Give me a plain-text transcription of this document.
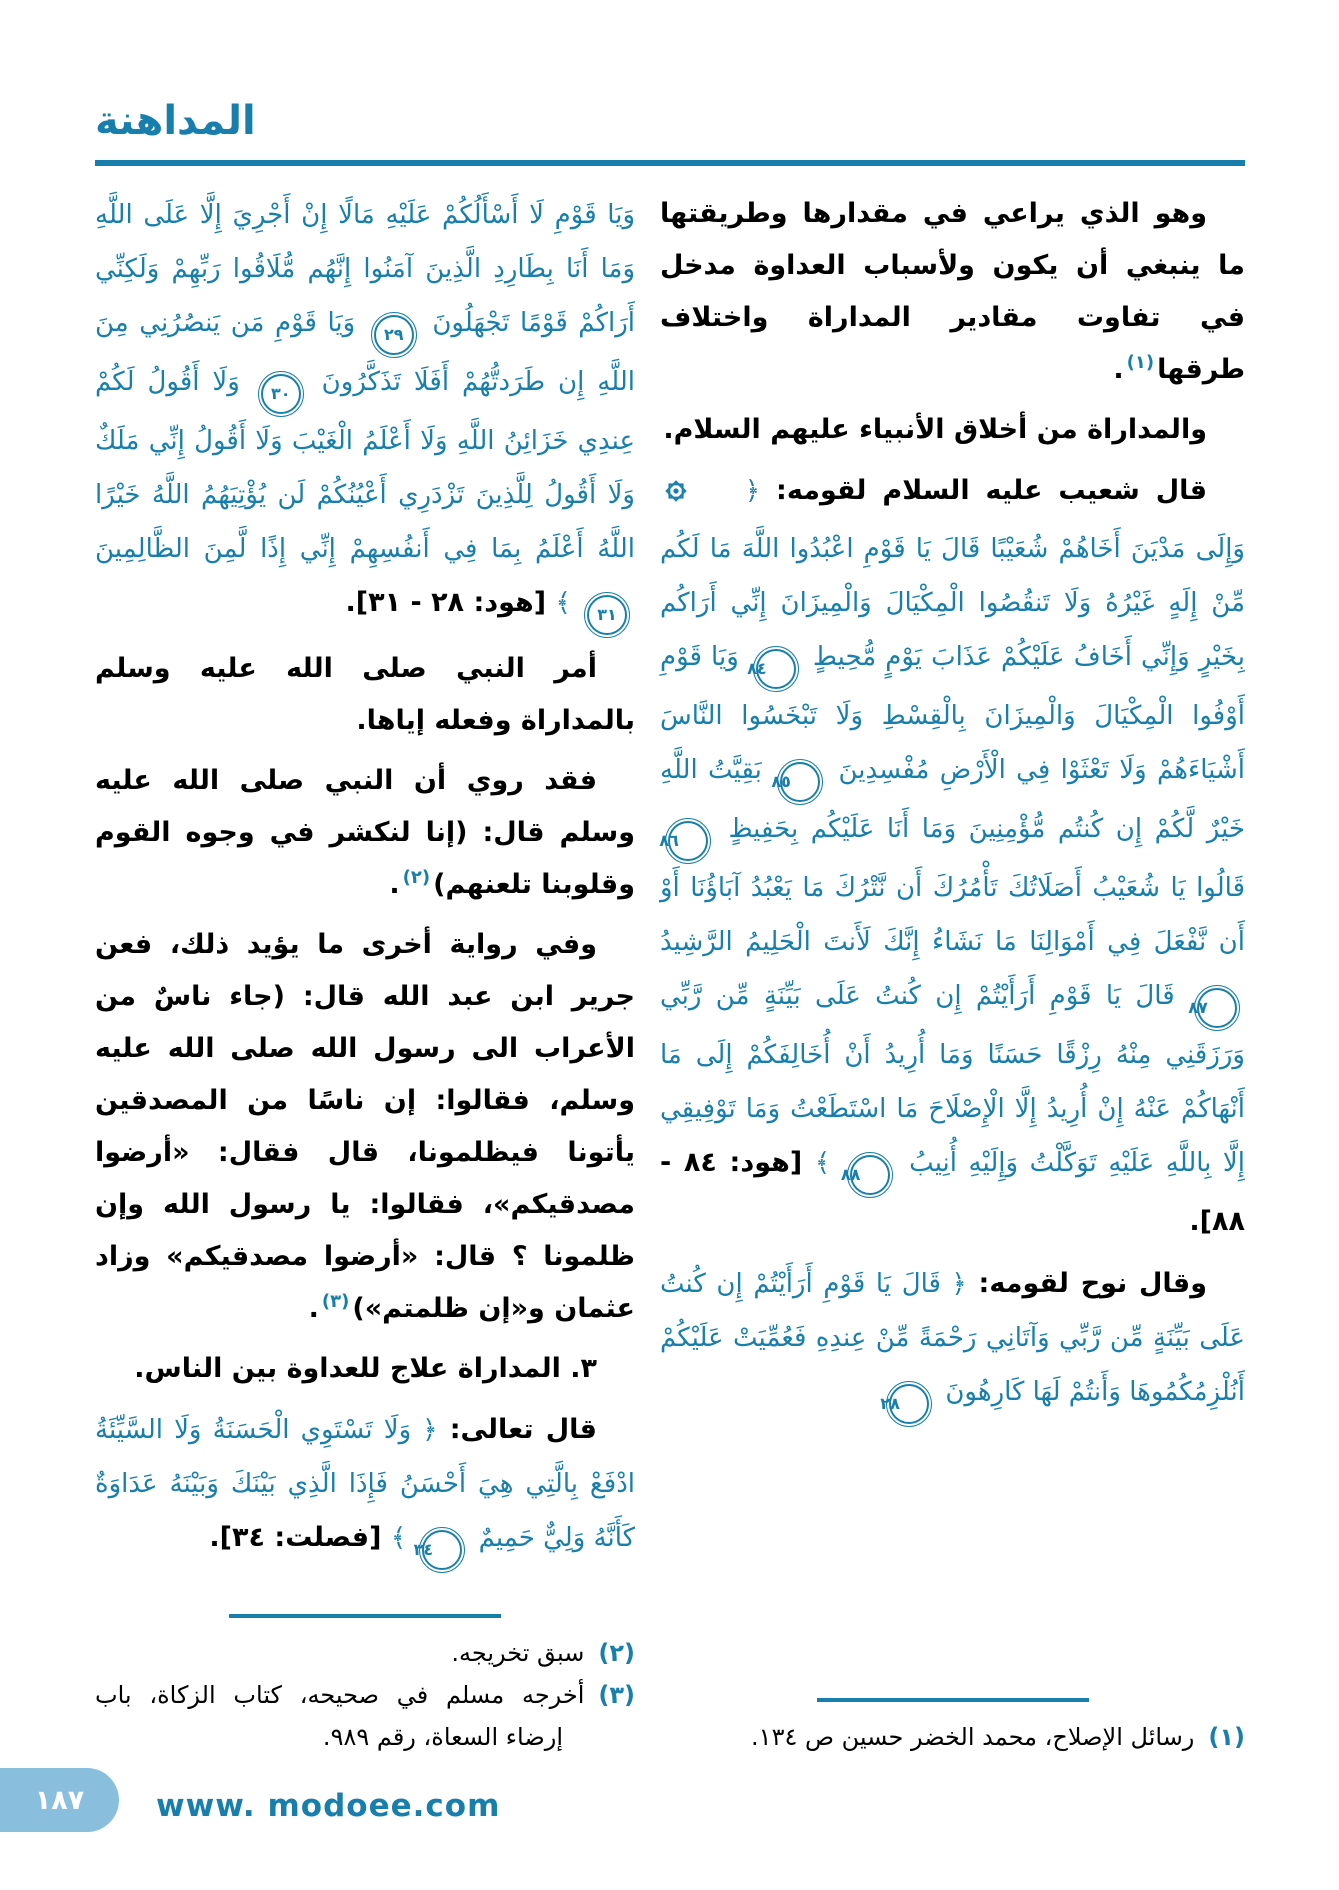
المداهنة

وهو الذي يراعي في مقدارها وطريقتها ما ينبغي أن يكون ولأسباب العداوة مدخل في تفاوت مقادير المداراة واختلاف طرقها$^{(١)}$.

والمداراة من أخلاق الأنبياء عليهم السلام.

قال شعيب عليه السلام لقومه: ﴿  وَإِلَى مَدْيَنَ أَخَاهُمْ شُعَيْبًا قَالَ يَا قَوْمِ اعْبُدُوا اللَّهَ مَا لَكُم مِّنْ إِلَهٍ غَيْرُهُ وَلَا تَنقُصُوا الْمِكْيَالَ وَالْمِيزَانَ إِنِّي أَرَاكُم بِخَيْرٍ وَإِنِّي أَخَافُ عَلَيْكُمْ عَذَابَ يَوْمٍ مُّحِيطٍ ٨٤ وَيَا قَوْمِ أَوْفُوا الْمِكْيَالَ وَالْمِيزَانَ بِالْقِسْطِ وَلَا تَبْخَسُوا النَّاسَ أَشْيَاءَهُمْ وَلَا تَعْثَوْا فِي الْأَرْضِ مُفْسِدِينَ ٨٥ بَقِيَّتُ اللَّهِ خَيْرٌ لَّكُمْ إِن كُنتُم مُّؤْمِنِينَ وَمَا أَنَا عَلَيْكُم بِحَفِيظٍ ٨٦ قَالُوا يَا شُعَيْبُ أَصَلَاتُكَ تَأْمُرُكَ أَن نَّتْرُكَ مَا يَعْبُدُ آبَاؤُنَا أَوْ أَن نَّفْعَلَ فِي أَمْوَالِنَا مَا نَشَاءُ إِنَّكَ لَأَنتَ الْحَلِيمُ الرَّشِيدُ ٨٧ قَالَ يَا قَوْمِ أَرَأَيْتُمْ إِن كُنتُ عَلَى بَيِّنَةٍ مِّن رَّبِّي وَرَزَقَنِي مِنْهُ رِزْقًا حَسَنًا وَمَا أُرِيدُ أَنْ أُخَالِفَكُمْ إِلَى مَا أَنْهَاكُمْ عَنْهُ إِنْ أُرِيدُ إِلَّا الْإِصْلَاحَ مَا اسْتَطَعْتُ وَمَا تَوْفِيقِي إِلَّا بِاللَّهِ عَلَيْهِ تَوَكَّلْتُ وَإِلَيْهِ أُنِيبُ ٨٨ ﴾ [هود: ٨٤ - ٨٨].

وقال نوح لقومه: ﴿ قَالَ يَا قَوْمِ أَرَأَيْتُمْ إِن كُنتُ عَلَى بَيِّنَةٍ مِّن رَّبِّي وَآتَانِي رَحْمَةً مِّنْ عِندِهِ فَعُمِّيَتْ عَلَيْكُمْ أَنُلْزِمُكُمُوهَا وَأَنتُمْ لَهَا كَارِهُونَ ٢٨

(١)رسائل الإصلاح، محمد الخضر حسين ص ١٣٤.

وَيَا قَوْمِ لَا أَسْأَلُكُمْ عَلَيْهِ مَالًا إِنْ أَجْرِيَ إِلَّا عَلَى اللَّهِ وَمَا أَنَا بِطَارِدِ الَّذِينَ آمَنُوا إِنَّهُم مُّلَاقُوا رَبِّهِمْ وَلَكِنِّي أَرَاكُمْ قَوْمًا تَجْهَلُونَ ٢٩ وَيَا قَوْمِ مَن يَنصُرُنِي مِنَ اللَّهِ إِن طَرَدتُّهُمْ أَفَلَا تَذَكَّرُونَ ٣٠ وَلَا أَقُولُ لَكُمْ عِندِي خَزَائِنُ اللَّهِ وَلَا أَعْلَمُ الْغَيْبَ وَلَا أَقُولُ إِنِّي مَلَكٌ وَلَا أَقُولُ لِلَّذِينَ تَزْدَرِي أَعْيُنُكُمْ لَن يُؤْتِيَهُمُ اللَّهُ خَيْرًا اللَّهُ أَعْلَمُ بِمَا فِي أَنفُسِهِمْ إِنِّي إِذًا لَّمِنَ الظَّالِمِينَ ٣١ ﴾ [هود: ٢٨ - ٣١].

أمر النبي صلى الله عليه وسلم بالمداراة وفعله إياها.

فقد روي أن النبي صلى الله عليه وسلم قال: (إنا لنكشر في وجوه القوم وقلوبنا تلعنهم)$^{(٢)}$.

وفي رواية أخرى ما يؤيد ذلك، فعن جرير ابن عبد الله قال: (جاء ناسٌ من الأعراب الى رسول الله صلى الله عليه وسلم، فقالوا: إن ناسًا من المصدقين يأتونا فيظلمونا، قال فقال: «أرضوا مصدقيكم»، فقالوا: يا رسول الله وإن ظلمونا ؟ قال: «أرضوا مصدقيكم» وزاد عثمان و«إن ظلمتم»)$^{(٣)}$.

٣. المداراة علاج للعداوة بين الناس.

قال تعالى: ﴿ وَلَا تَسْتَوِي الْحَسَنَةُ وَلَا السَّيِّئَةُ ادْفَعْ بِالَّتِي هِيَ أَحْسَنُ فَإِذَا الَّذِي بَيْنَكَ وَبَيْنَهُ عَدَاوَةٌ كَأَنَّهُ وَلِيٌّ حَمِيمٌ ٣٤ ﴾ [فصلت: ٣٤].

(٢)سبق تخريجه.

(٣)أخرجه مسلم في صحيحه، كتاب الزكاة، باب إرضاء السعاة، رقم ٩٨٩.

١٨٧ www. modoee.com
